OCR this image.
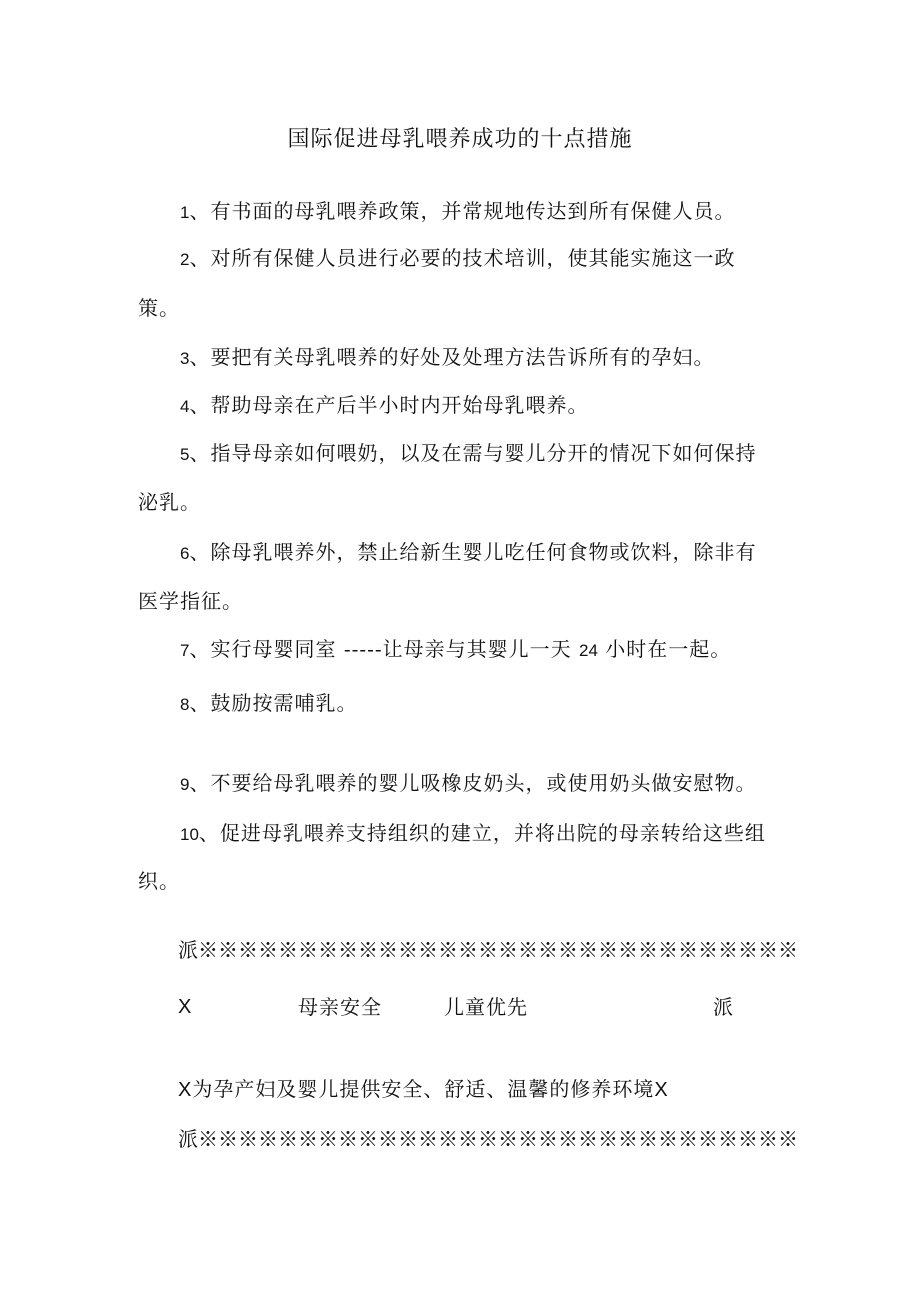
国际促进母乳喂养成功的十点措施
1、有书面的母乳喂养政策，并常规地传达到所有保健人员。
2、对所有保健人员进行必要的技术培训，使其能实施这一政
策。
3、要把有关母乳喂养的好处及处理方法告诉所有的孕妇。
4、帮助母亲在产后半小时内开始母乳喂养。
5、指导母亲如何喂奶，以及在需与婴儿分开的情况下如何保持
泌乳。
6、除母乳喂养外，禁止给新生婴儿吃任何食物或饮料，除非有
医学指征。
7、实行母婴同室 -----让母亲与其婴儿一天 24 小时在一起。
8、鼓励按需哺乳。
9、不要给母乳喂养的婴儿吸橡皮奶头，或使用奶头做安慰物。
10、促进母乳喂养支持组织的建立，并将出院的母亲转给这些组
织。
派※※※※※※※※※※※※※※※※※※※※※※※※※※※※※※
X	母亲安全	儿童优先	派
X为孕产妇及婴儿提供安全、舒适、温馨的修养环境X
派※※※※※※※※※※※※※※※※※※※※※※※※※※※※※※
